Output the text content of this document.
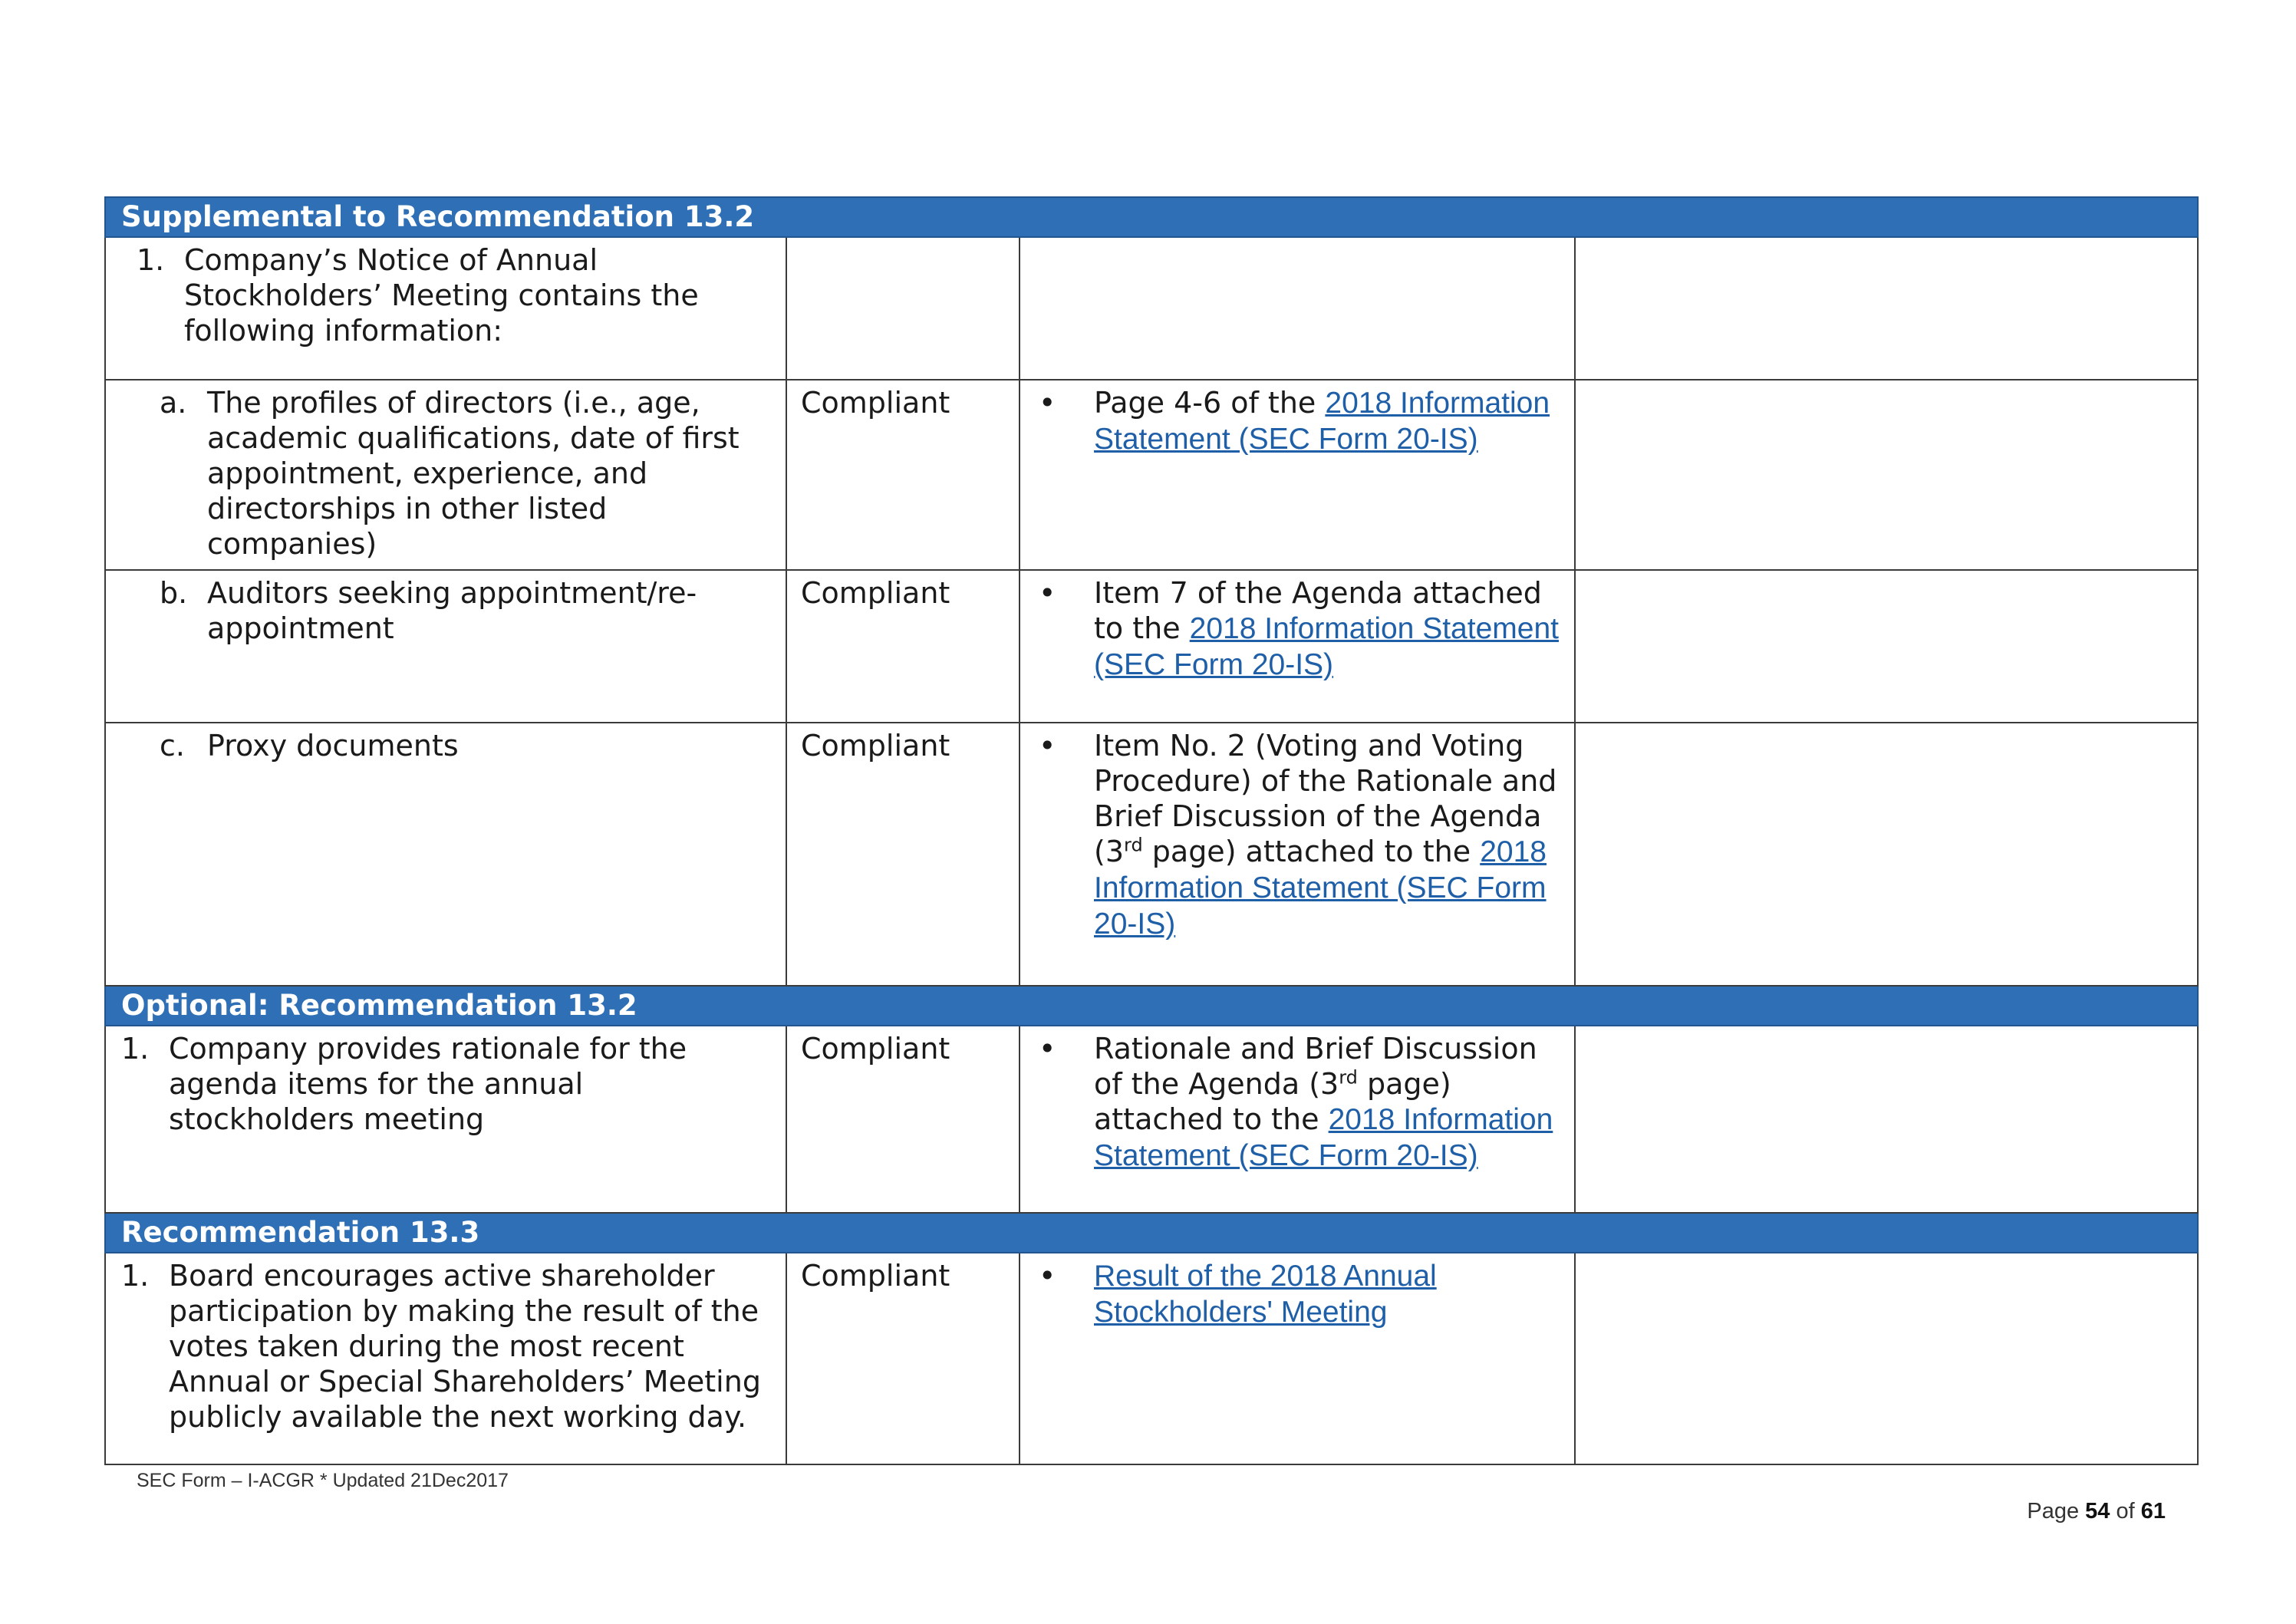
Supplemental to Recommendation 13.2			

1. Company’s Notice of Annual Stockholders’ Meeting contains the following information:			

a. The profiles of directors (i.e., age, academic qualifications, date of first appointment, experience, and directorships in other listed companies)	Compliant	• Page 4-6 of the 2018 Information Statement (SEC Form 20-IS)	

b. Auditors seeking appointment/re-appointment	Compliant	• Item 7 of the Agenda attached to the 2018 Information Statement (SEC Form 20-IS)	

c. Proxy documents	Compliant	• Item No. 2 (Voting and Voting Procedure) of the Rationale and Brief Discussion of the Agenda (3rd page) attached to the 2018 Information Statement (SEC Form 20-IS)	

Optional: Recommendation 13.2			

1. Company provides rationale for the agenda items for the annual stockholders meeting	Compliant	• Rationale and Brief Discussion of the Agenda (3rd page) attached to the 2018 Information Statement (SEC Form 20-IS)	

Recommendation 13.3			

1. Board encourages active shareholder participation by making the result of the votes taken during the most recent Annual or Special Shareholders’ Meeting publicly available the next working day.	Compliant	• Result of the 2018 Annual Stockholders' Meeting	

SEC Form – I-ACGR * Updated 21Dec2017
Page 54 of 61
